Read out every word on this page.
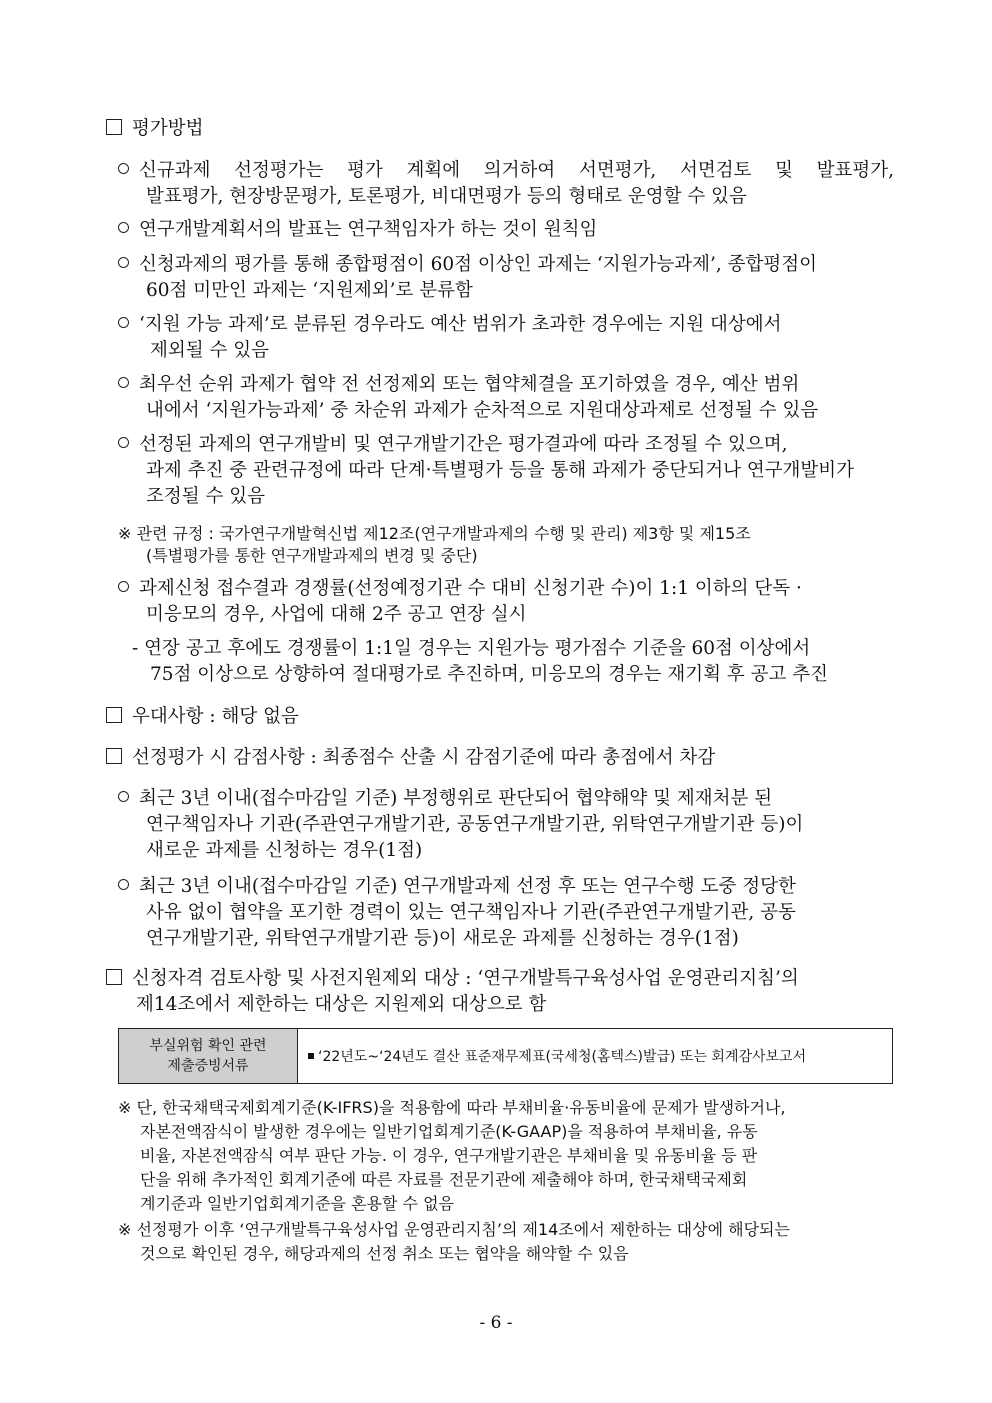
평가방법
신규과제 선정평가는 평가 계획에 의거하여 서면평가, 서면검토 및 발표평가,
발표평가, 현장방문평가, 토론평가, 비대면평가 등의 형태로 운영할 수 있음
연구개발계획서의 발표는 연구책임자가 하는 것이 원칙임
신청과제의 평가를 통해 종합평점이 60점 이상인 과제는 ‘지원가능과제’, 종합평점이
60점 미만인 과제는 ‘지원제외’로 분류함
‘지원 가능 과제’로 분류된 경우라도 예산 범위가 초과한 경우에는 지원 대상에서
제외될 수 있음
최우선 순위 과제가 협약 전 선정제외 또는 협약체결을 포기하였을 경우, 예산 범위
내에서 ‘지원가능과제’ 중 차순위 과제가 순차적으로 지원대상과제로 선정될 수 있음
선정된 과제의 연구개발비 및 연구개발기간은 평가결과에 따라 조정될 수 있으며,
과제 추진 중 관련규정에 따라 단계·특별평가 등을 통해 과제가 중단되거나 연구개발비가
조정될 수 있음
※ 관련 규정 : 국가연구개발혁신법 제12조(연구개발과제의 수행 및 관리) 제3항 및 제15조
(특별평가를 통한 연구개발과제의 변경 및 중단)
과제신청 접수결과 경쟁률(선정예정기관 수 대비 신청기관 수)이 1:1 이하의 단독 ·
미응모의 경우, 사업에 대해 2주 공고 연장 실시
- 연장 공고 후에도 경쟁률이 1:1일 경우는 지원가능 평가점수 기준을 60점 이상에서
75점 이상으로 상향하여 절대평가로 추진하며, 미응모의 경우는 재기획 후 공고 추진
우대사항 : 해당 없음
선정평가 시 감점사항 : 최종점수 산출 시 감점기준에 따라 총점에서 차감
최근 3년 이내(접수마감일 기준) 부정행위로 판단되어 협약해약 및 제재처분 된
연구책임자나 기관(주관연구개발기관, 공동연구개발기관, 위탁연구개발기관 등)이
새로운 과제를 신청하는 경우(1점)
최근 3년 이내(접수마감일 기준) 연구개발과제 선정 후 또는 연구수행 도중 정당한
사유 없이 협약을 포기한 경력이 있는 연구책임자나 기관(주관연구개발기관, 공동
연구개발기관, 위탁연구개발기관 등)이 새로운 과제를 신청하는 경우(1점)
신청자격 검토사항 및 사전지원제외 대상 : ‘연구개발특구육성사업 운영관리지침’의
제14조에서 제한하는 대상은 지원제외 대상으로 함
부실위험 확인 관련
제출증빙서류
	‘22년도~‘24년도 결산 표준재무제표(국세청(홈텍스)발급) 또는 회계감사보고서
※ 단, 한국채택국제회계기준(K-IFRS)을 적용함에 따라 부채비율·유동비율에 문제가 발생하거나,
자본전액잠식이 발생한 경우에는 일반기업회계기준(K-GAAP)을 적용하여 부채비율, 유동
비율, 자본전액잠식 여부 판단 가능. 이 경우, 연구개발기관은 부채비율 및 유동비율 등 판
단을 위해 추가적인 회계기준에 따른 자료를 전문기관에 제출해야 하며, 한국채택국제회
계기준과 일반기업회계기준을 혼용할 수 없음
※ 선정평가 이후 ‘연구개발특구육성사업 운영관리지침’의 제14조에서 제한하는 대상에 해당되는
것으로 확인된 경우, 해당과제의 선정 취소 또는 협약을 해약할 수 있음
- 6 -
